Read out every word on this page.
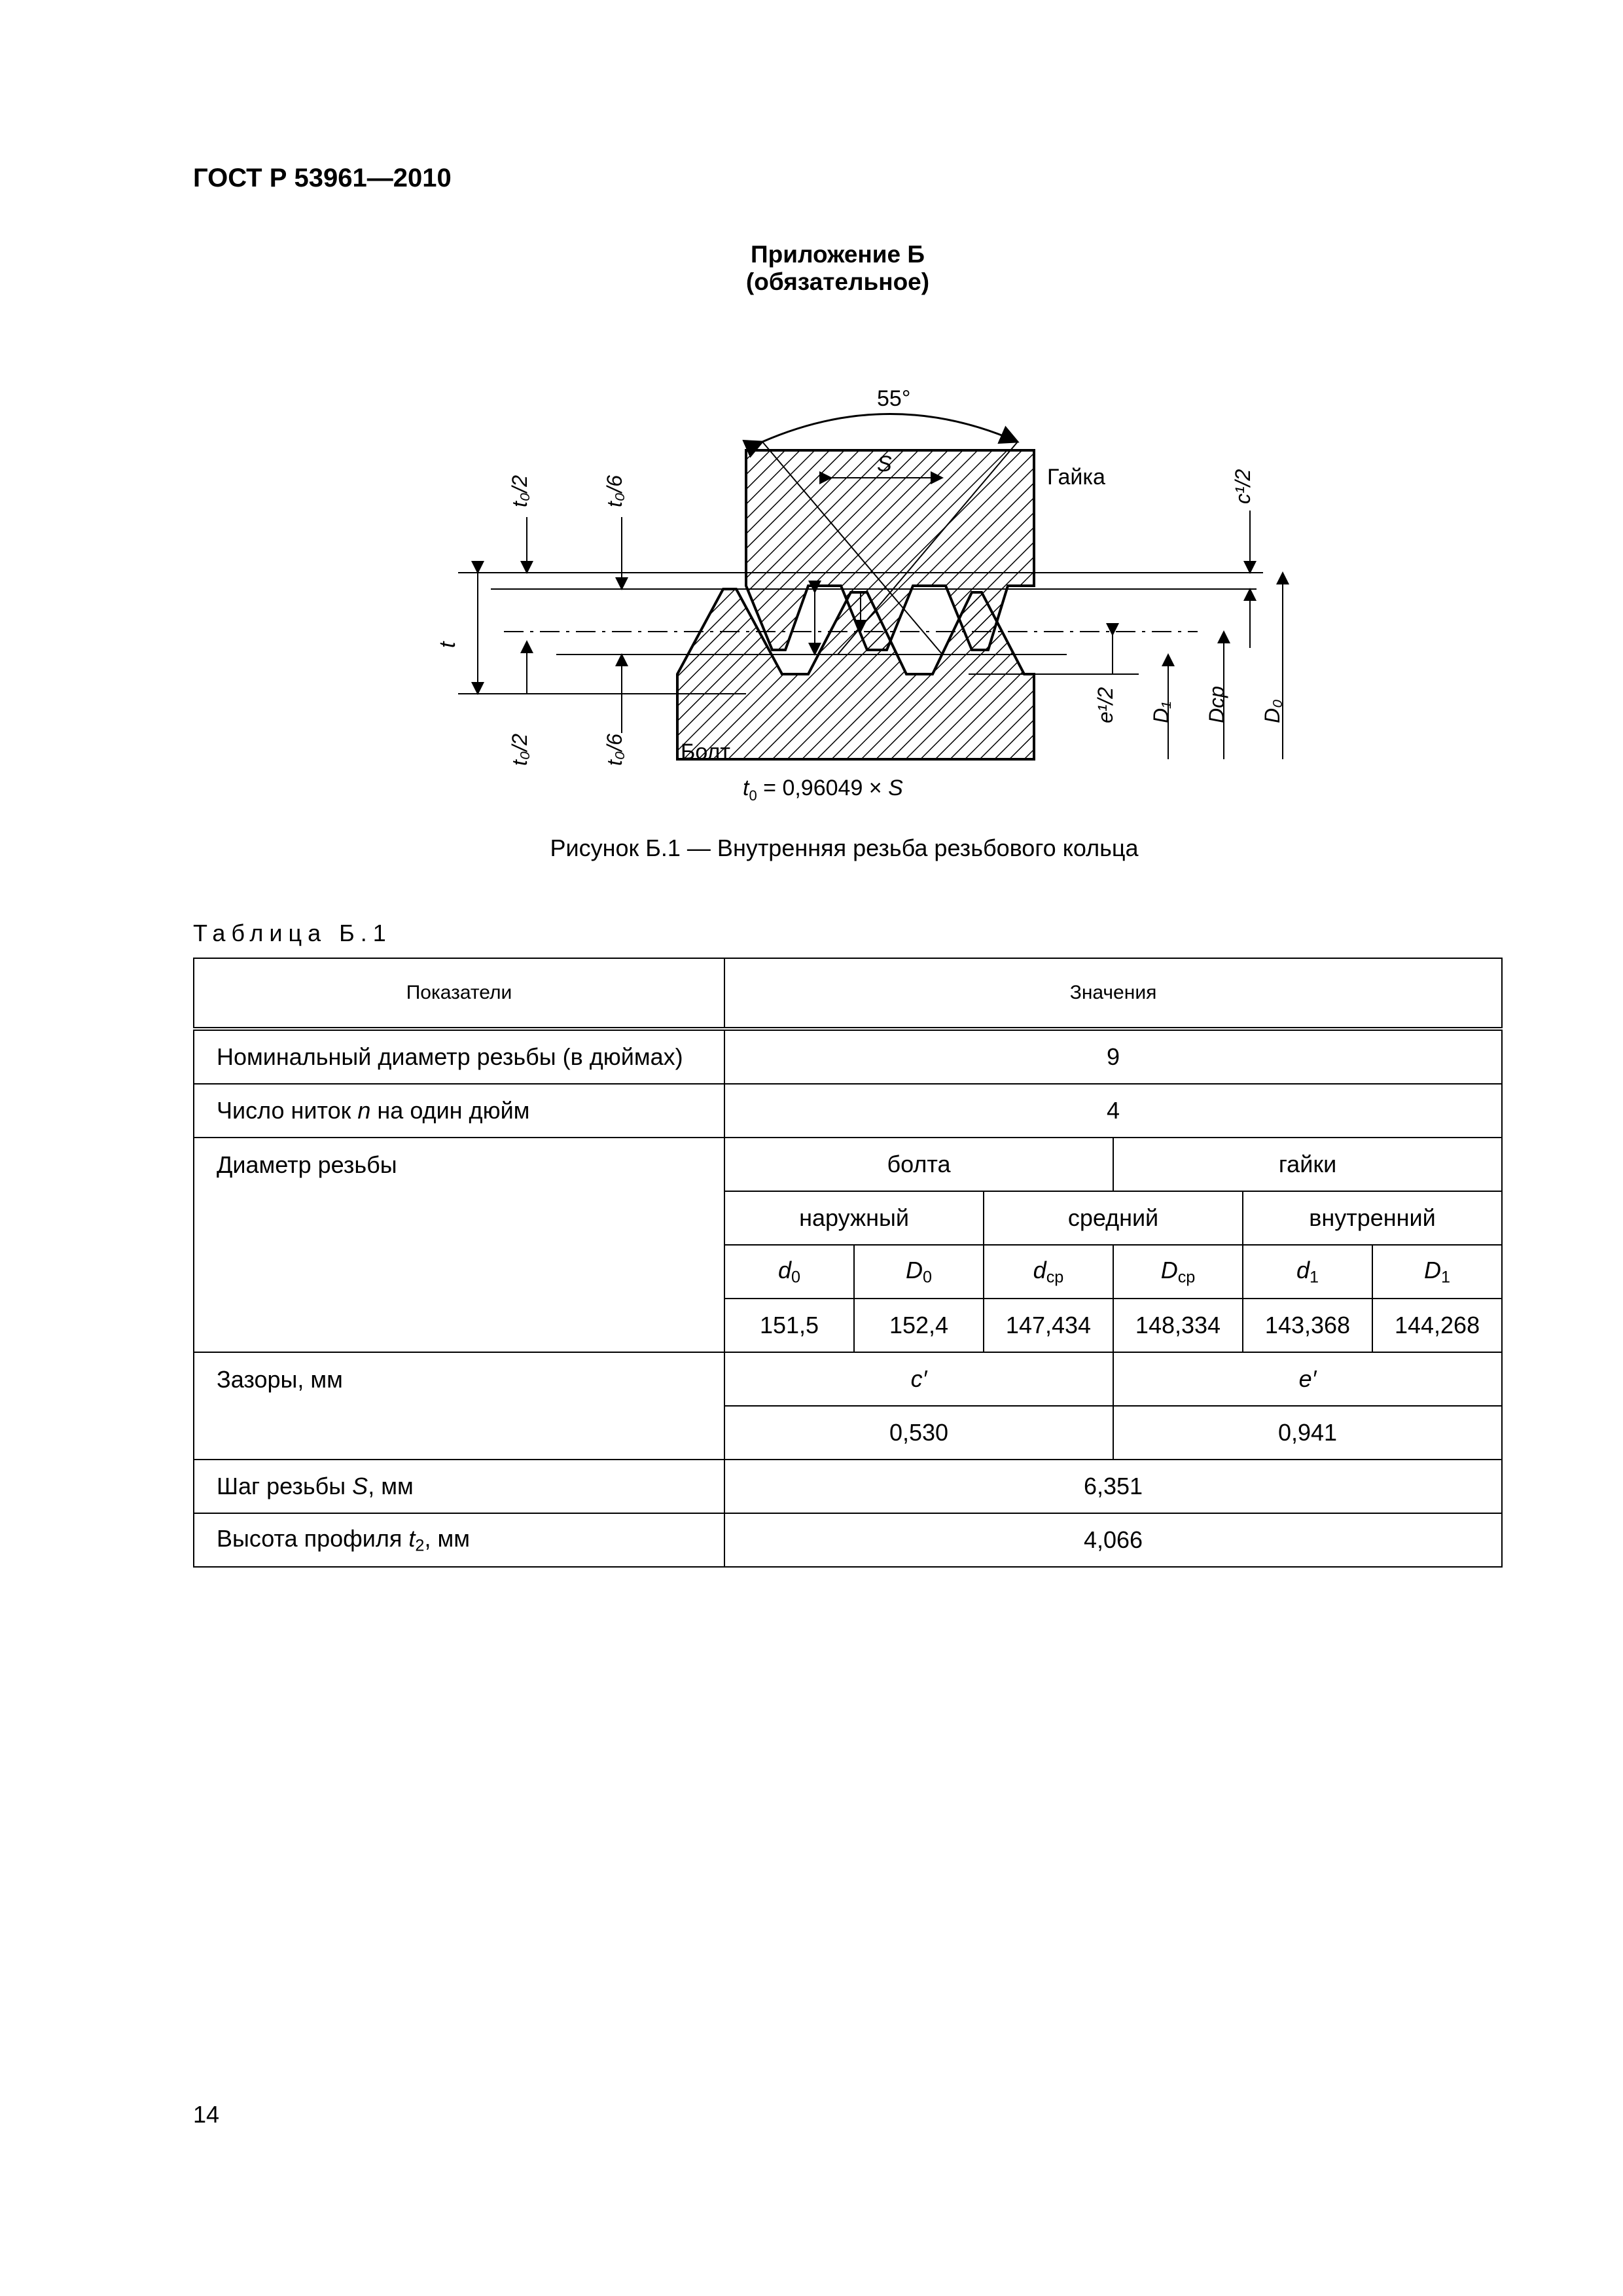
ГОСТ Р 53961—2010
Приложение Б
(обязательное)
55°
S
Гайка
Болт
t
t₀/2	t₀/6
t₀/2	t₀/6
e¹/2 D₁ Dср
c¹/2
D₀
$t_0 = 0,96049 \times S$
Рисунок Б.1 — Внутренняя резьба резьбового кольца
Таблица Б.1
Показатели	Значения					
Номинальный диаметр резьбы (в дюймах)	9					
Число ниток n на один дюйм	4					
Диаметр резьбы	болта			гайки		
	наружный		средний		внутренний	
	$d_0$	$D_0$	$d_{ср}$	$D_{ср}$	$d_1$	$D_1$
	151,5	152,4	147,434	148,334	143,368	144,268
Зазоры, мм	c′			e′		
	0,530			0,941		
Шаг резьбы S, мм	6,351					
Высота профиля $t_2$, мм	4,066					
14
